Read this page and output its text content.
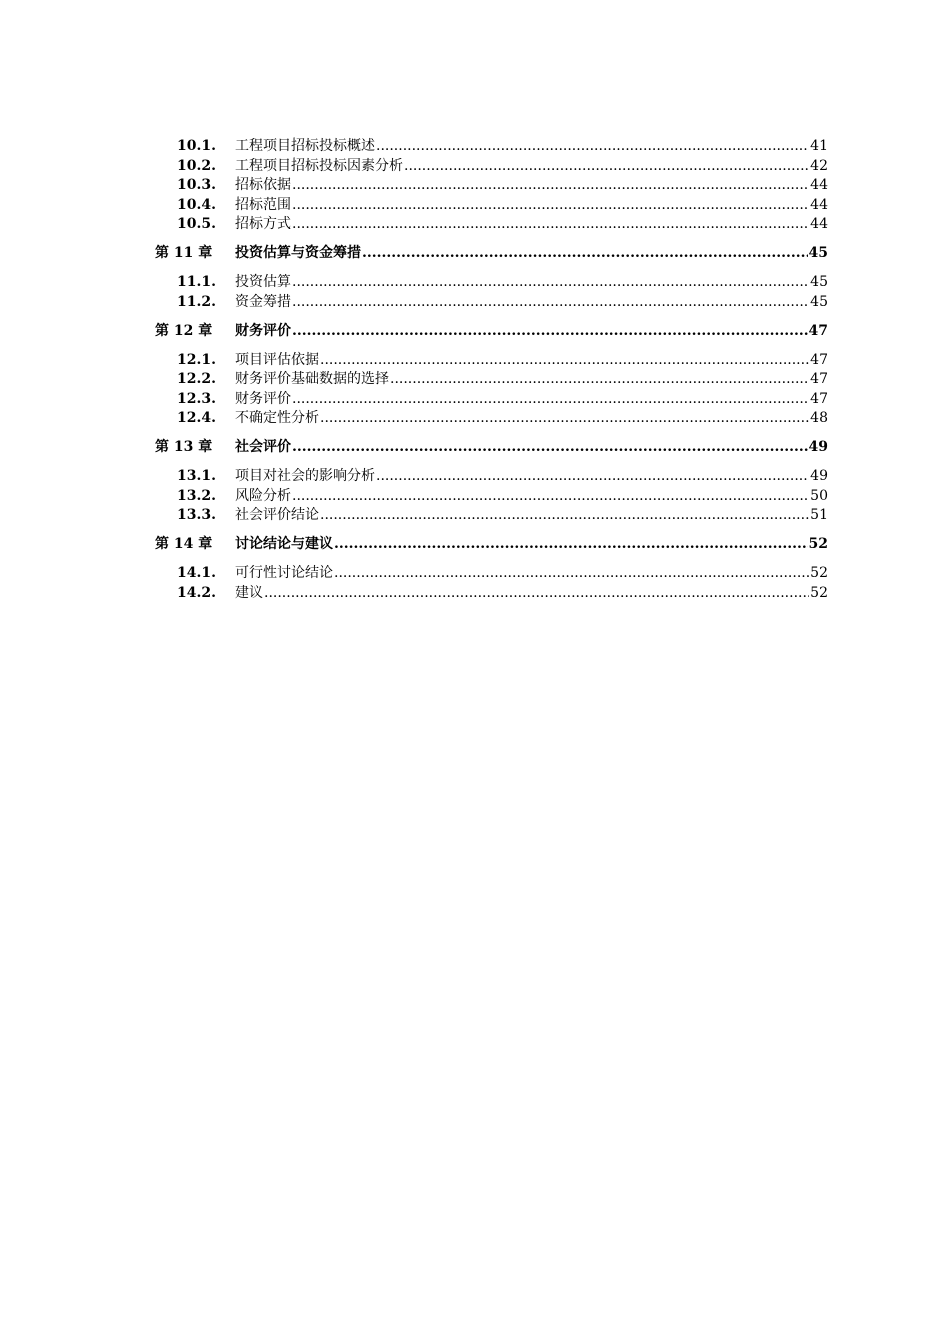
10.1.	工程项目招标投标概述 .....	41
10.2.	工程项目招标投标因素分析 .....	42
10.3.	招标依据 .....	44
10.4.	招标范围 .....	44
10.5.	招标方式 .....	44
第 11 章	投资估算与资金筹措 .....	45
11.1.	投资估算 .....	45
11.2.	资金筹措 .....	45
第 12 章	财务评价 .....	47
12.1.	项目评估依据 .....	47
12.2.	财务评价基础数据的选择 .....	47
12.3.	财务评价 .....	47
12.4.	不确定性分析 .....	48
第 13 章	社会评价 .....	49
13.1.	项目对社会的影响分析 .....	49
13.2.	风险分析 .....	50
13.3.	社会评价结论 .....	51
第 14 章	讨论结论与建议 .....	52
14.1.	可行性讨论结论 .....	52
14.2.	建议 .....	52
